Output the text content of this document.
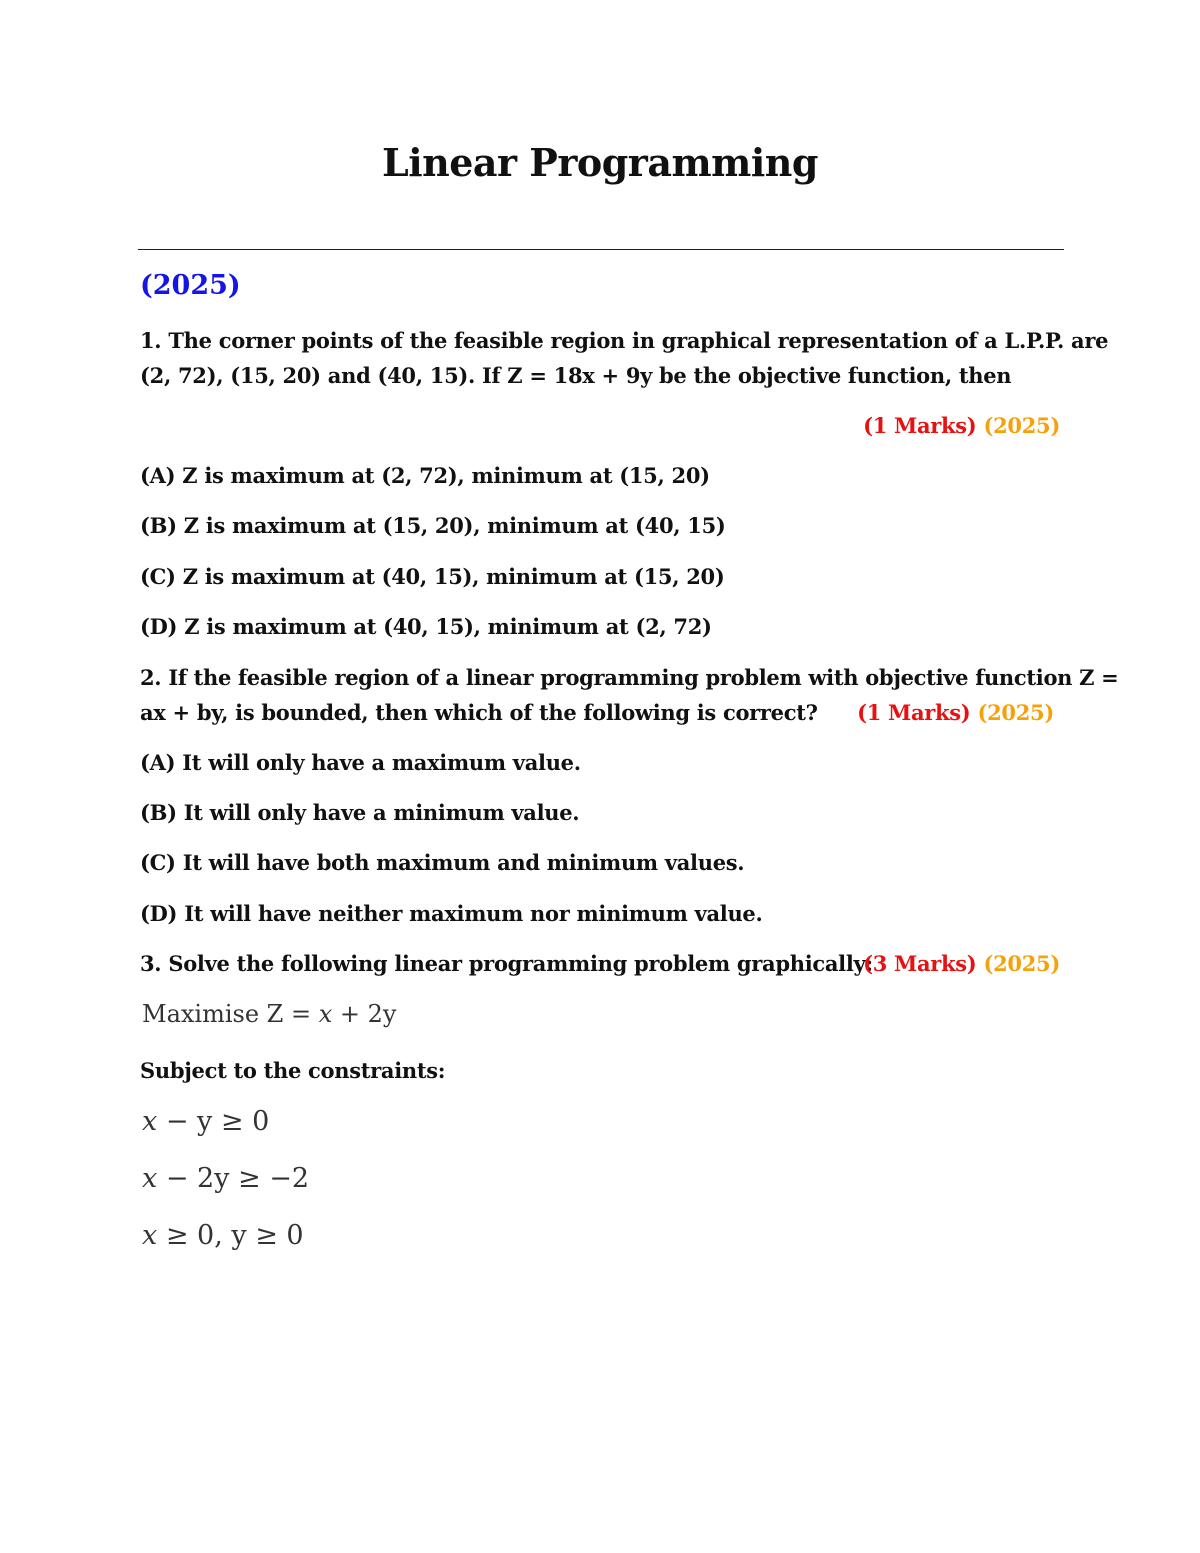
Linear Programming
(2025)
1. The corner points of the feasible region in graphical representation of a L.P.P. are
(2, 72), (15, 20) and (40, 15). If Z = 18x + 9y be the objective function, then
(1 Marks) (2025)
(A) Z is maximum at (2, 72), minimum at (15, 20)
(B) Z is maximum at (15, 20), minimum at (40, 15)
(C) Z is maximum at (40, 15), minimum at (15, 20)
(D) Z is maximum at (40, 15), minimum at (2, 72)
2. If the feasible region of a linear programming problem with objective function Z =
ax + by, is bounded, then which of the following is correct? (1 Marks) (2025)
(A) It will only have a maximum value.
(B) It will only have a minimum value.
(C) It will have both maximum and minimum values.
(D) It will have neither maximum nor minimum value.
3. Solve the following linear programming problem graphically:
(3 Marks) (2025)
Maximise Z = x + 2y
Subject to the constraints:
x − y ≥ 0
x − 2y ≥ −2
x ≥ 0, y ≥ 0
